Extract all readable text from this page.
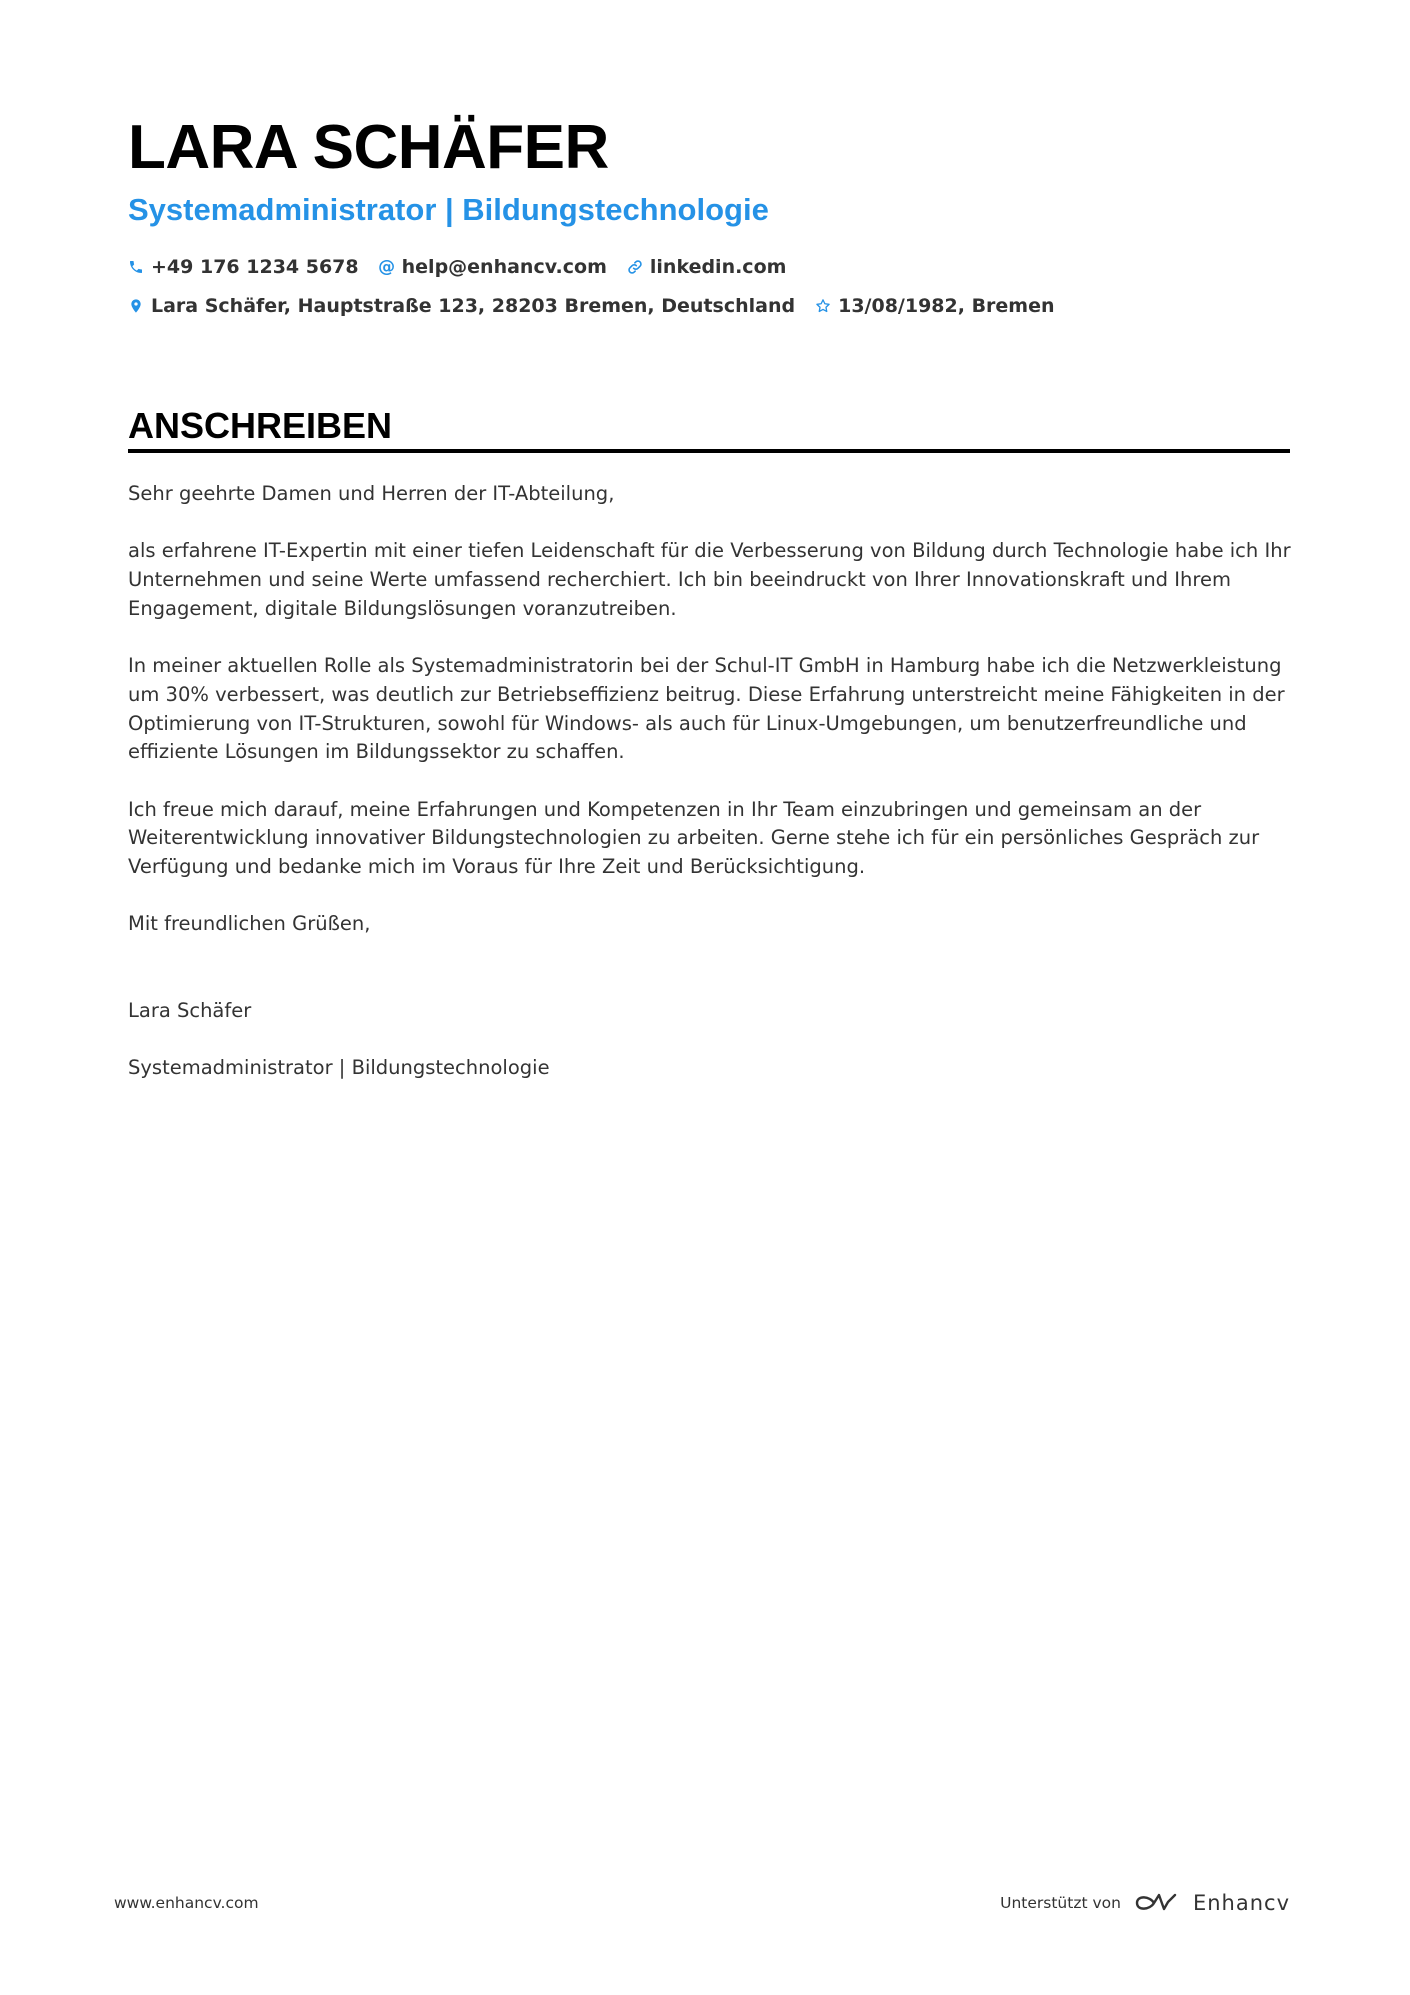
LARA SCHÄFER
Systemadministrator | Bildungstechnologie
+49 176 1234 5678 @ help@enhancv.com linkedin.com
Lara Schäfer, Hauptstraße 123, 28203 Bremen, Deutschland 13/08/1982, Bremen
ANSCHREIBEN

Sehr geehrte Damen und Herren der IT-Abteilung,

als erfahrene IT-Expertin mit einer tiefen Leidenschaft für die Verbesserung von Bildung durch Technologie habe ich Ihr Unternehmen und seine Werte umfassend recherchiert. Ich bin beeindruckt von Ihrer Innovationskraft und Ihrem Engagement, digitale Bildungslösungen voranzutreiben.

In meiner aktuellen Rolle als Systemadministratorin bei der Schul-IT GmbH in Hamburg habe ich die Netzwerkleistung um 30% verbessert, was deutlich zur Betriebseffizienz beitrug. Diese Erfahrung unterstreicht meine Fähigkeiten in der Optimierung von IT-Strukturen, sowohl für Windows- als auch für Linux-Umgebungen, um benutzerfreundliche und effiziente Lösungen im Bildungssektor zu schaffen.

Ich freue mich darauf, meine Erfahrungen und Kompetenzen in Ihr Team einzubringen und gemeinsam an der Weiterentwicklung innovativer Bildungstechnologien zu arbeiten. Gerne stehe ich für ein persönliches Gespräch zur Verfügung und bedanke mich im Voraus für Ihre Zeit und Berücksichtigung.

Mit freundlichen Grüßen,

Lara Schäfer

Systemadministrator | Bildungstechnologie

www.enhancv.com	Unterstützt von	Enhancv
